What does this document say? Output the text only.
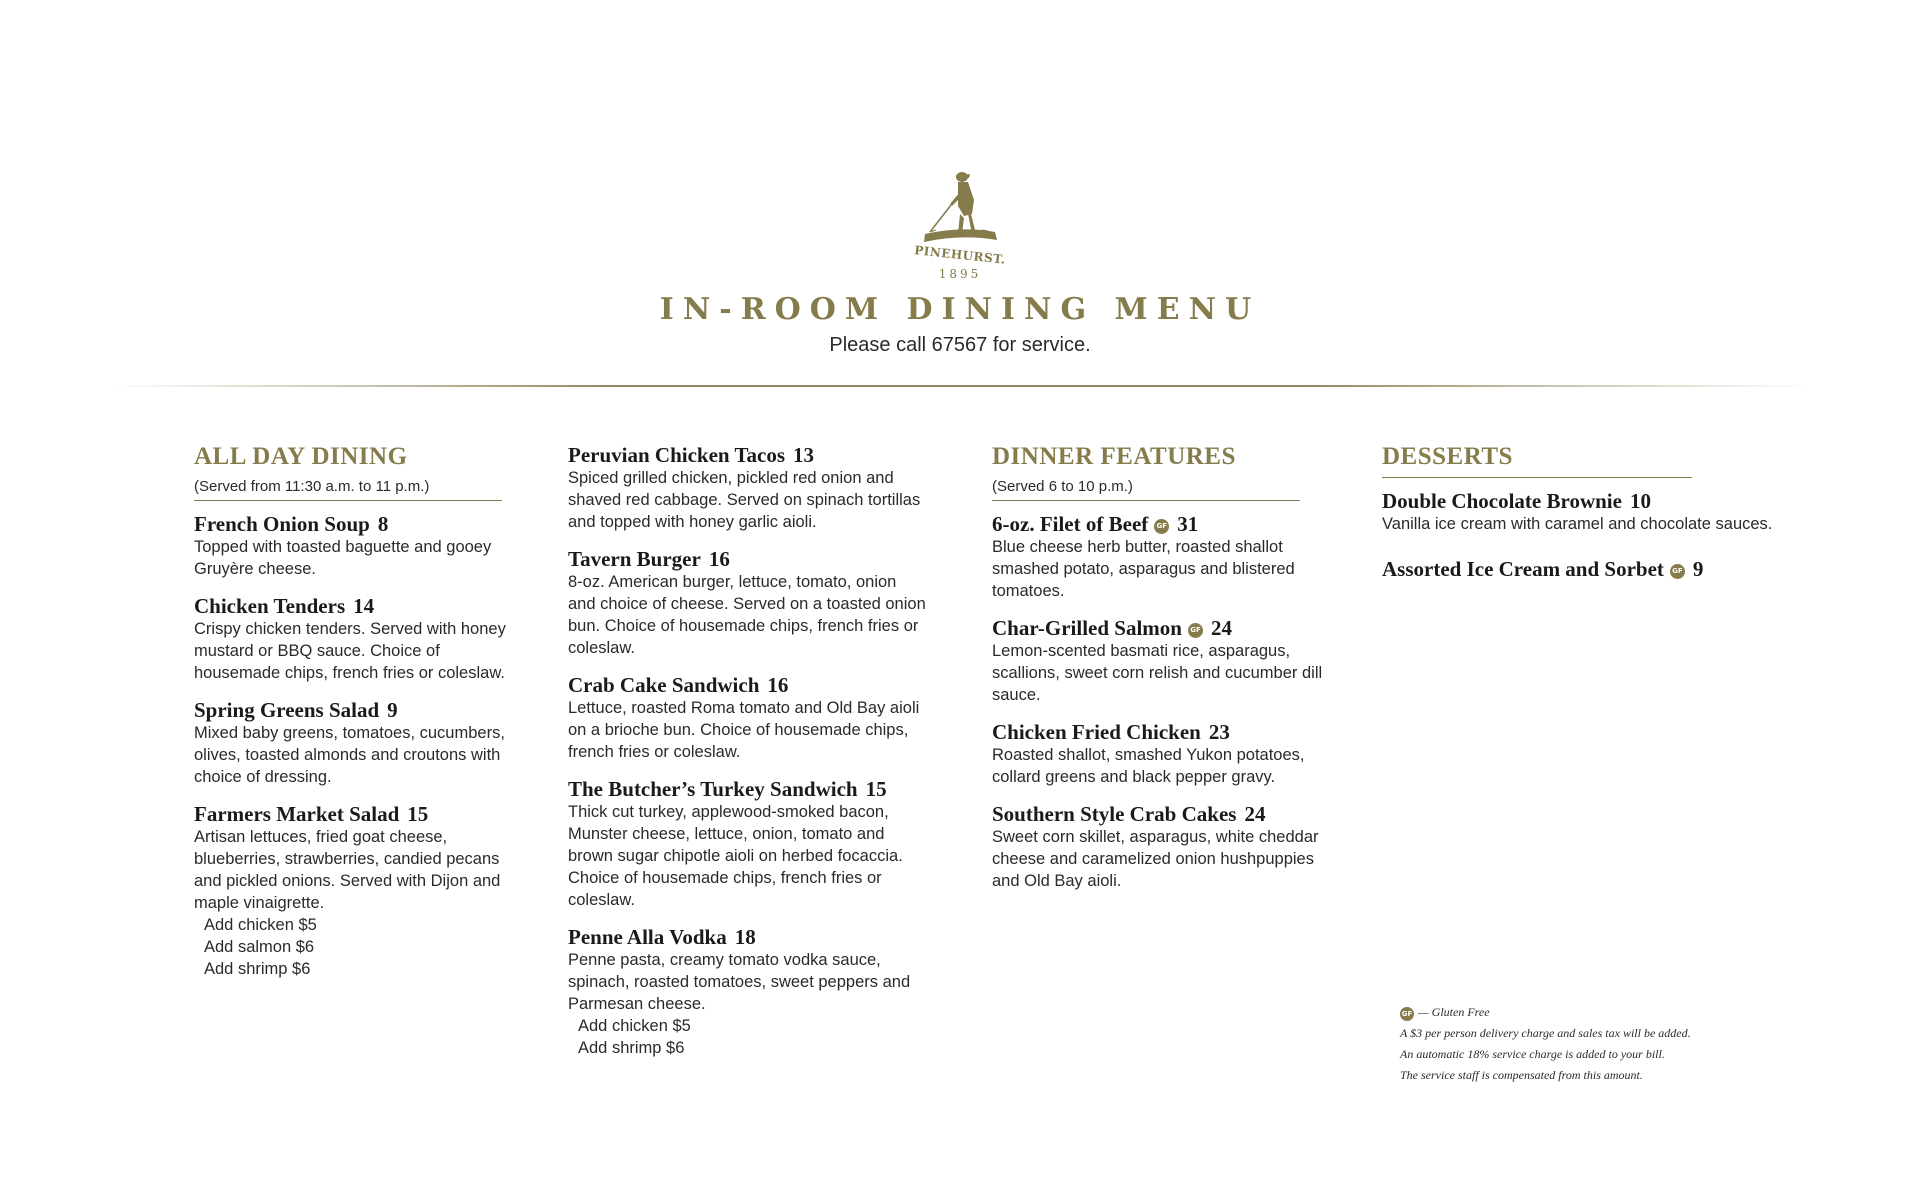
PINEHURST.
1895
IN-ROOM DINING MENU
Please call 67567 for service.
ALL DAY DINING
(Served from 11:30 a.m. to 11 p.m.)
French Onion Soup 8
Topped with toasted baguette and gooey Gruyère cheese.
Chicken Tenders 14
Crispy chicken tenders. Served with honey mustard or BBQ sauce. Choice of housemade chips, french fries or coleslaw.
Spring Greens Salad 9
Mixed baby greens, tomatoes, cucumbers, olives, toasted almonds and croutons with choice of dressing.
Farmers Market Salad 15
Artisan lettuces, fried goat cheese, blueberries, strawberries, candied pecans and pickled onions. Served with Dijon and maple vinaigrette.
Add chicken $5
Add salmon $6
Add shrimp $6
Peruvian Chicken Tacos 13
Spiced grilled chicken, pickled red onion and shaved red cabbage. Served on spinach tortillas and topped with honey garlic aioli.
Tavern Burger 16
8-oz. American burger, lettuce, tomato, onion and choice of cheese. Served on a toasted onion bun. Choice of housemade chips, french fries or coleslaw.
Crab Cake Sandwich 16
Lettuce, roasted Roma tomato and Old Bay aioli on a brioche bun. Choice of housemade chips, french fries or coleslaw.
The Butcher’s Turkey Sandwich 15
Thick cut turkey, applewood-smoked bacon, Munster cheese, lettuce, onion, tomato and brown sugar chipotle aioli on herbed focaccia. Choice of housemade chips, french fries or coleslaw.
Penne Alla Vodka 18
Penne pasta, creamy tomato vodka sauce, spinach, roasted tomatoes, sweet peppers and Parmesan cheese.
Add chicken $5
Add shrimp $6
DINNER FEATURES
(Served 6 to 10 p.m.)
6-oz. Filet of Beef GF 31
Blue cheese herb butter, roasted shallot smashed potato, asparagus and blistered tomatoes.
Char-Grilled Salmon GF 24
Lemon-scented basmati rice, asparagus, scallions, sweet corn relish and cucumber dill sauce.
Chicken Fried Chicken 23
Roasted shallot, smashed Yukon potatoes, collard greens and black pepper gravy.
Southern Style Crab Cakes 24
Sweet corn skillet, asparagus, white cheddar cheese and caramelized onion hushpuppies and Old Bay aioli.
DESSERTS
Double Chocolate Brownie 10
Vanilla ice cream with caramel and chocolate sauces.
Assorted Ice Cream and Sorbet GF 9
GF — Gluten Free
A $3 per person delivery charge and sales tax will be added.
An automatic 18% service charge is added to your bill.
The service staff is compensated from this amount.
